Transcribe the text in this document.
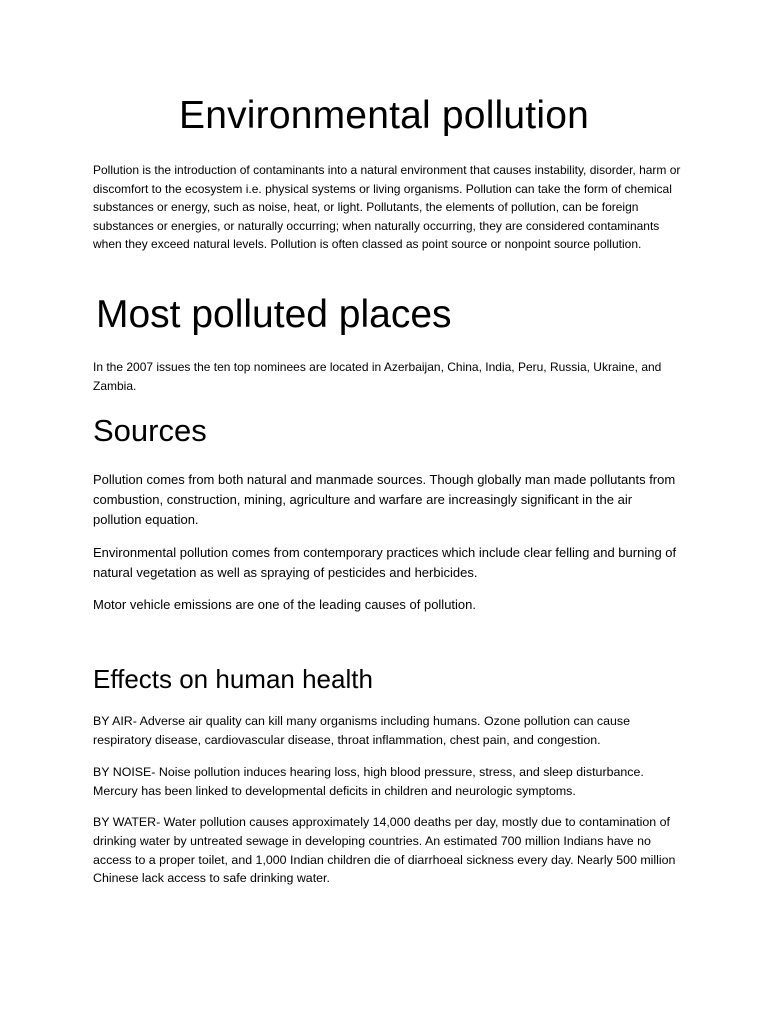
Environmental pollution

Pollution is the introduction of contaminants into a natural environment that causes instability, disorder, harm or discomfort to the ecosystem i.e. physical systems or living organisms. Pollution can take the form of chemical substances or energy, such as noise, heat, or light. Pollutants, the elements of pollution, can be foreign substances or energies, or naturally occurring; when naturally occurring, they are considered contaminants when they exceed natural levels. Pollution is often classed as point source or nonpoint source pollution.

Most polluted places

In the 2007 issues the ten top nominees are located in Azerbaijan, China, India, Peru, Russia, Ukraine, and Zambia.

Sources

Pollution comes from both natural and manmade sources. Though globally man made pollutants from combustion, construction, mining, agriculture and warfare are increasingly significant in the air pollution equation.

Environmental pollution comes from contemporary practices which include clear felling and burning of natural vegetation as well as spraying of pesticides and herbicides.

Motor vehicle emissions are one of the leading causes of pollution.

Effects on human health

BY AIR- Adverse air quality can kill many organisms including humans. Ozone pollution can cause respiratory disease, cardiovascular disease, throat inflammation, chest pain, and congestion.

BY NOISE- Noise pollution induces hearing loss, high blood pressure, stress, and sleep disturbance. Mercury has been linked to developmental deficits in children and neurologic symptoms.

BY WATER- Water pollution causes approximately 14,000 deaths per day, mostly due to contamination of drinking water by untreated sewage in developing countries. An estimated 700 million Indians have no access to a proper toilet, and 1,000 Indian children die of diarrhoeal sickness every day. Nearly 500 million Chinese lack access to safe drinking water.
